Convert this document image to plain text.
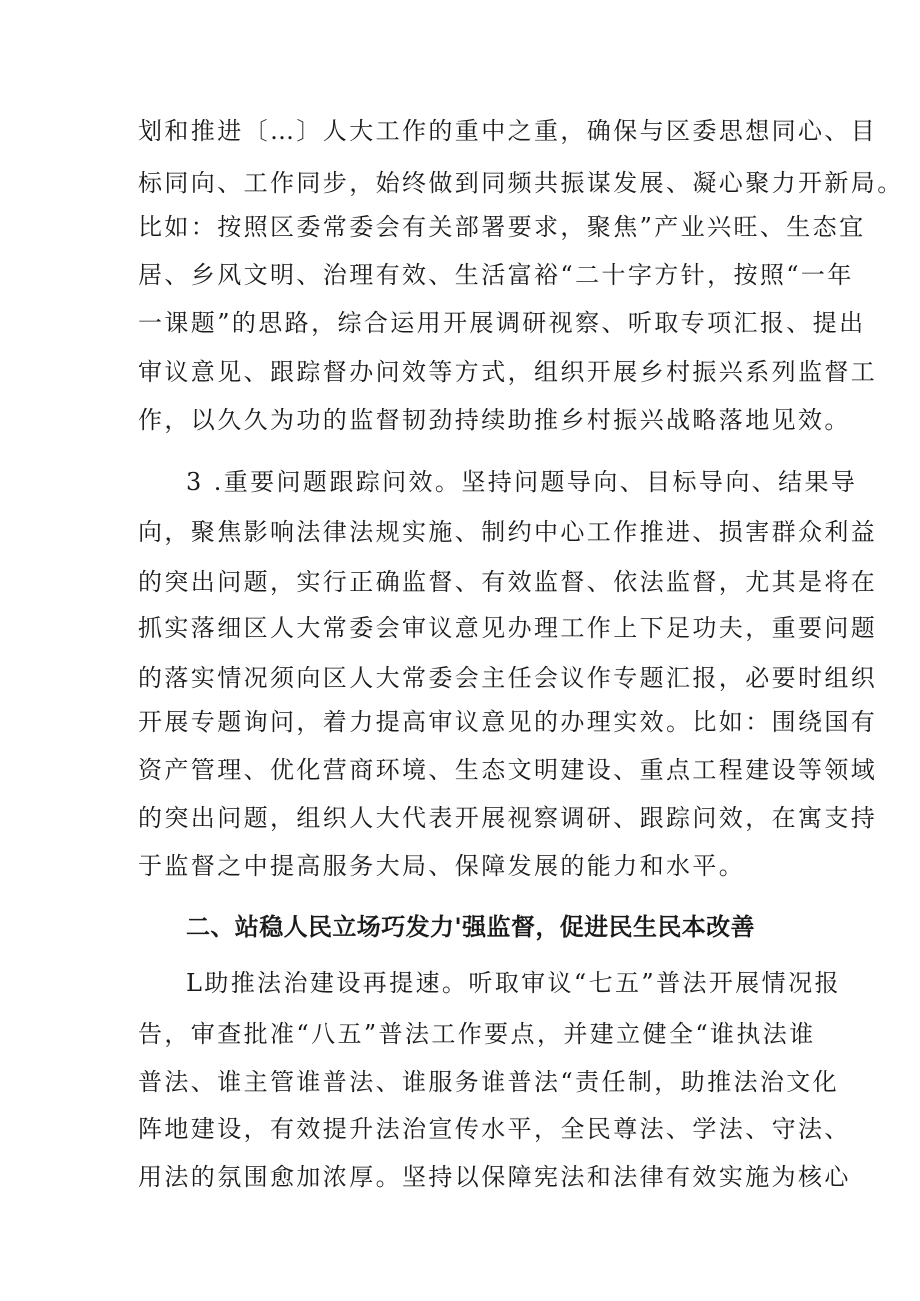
划和推进〔…〕人大工作的重中之重，确保与区委思想同心、目
标同向、工作同步，始终做到同频共振谋发展、凝心聚力开新局。
比如：按照区委常委会有关部署要求，聚焦”产业兴旺、生态宜
居、乡风文明、治理有效、生活富裕“二十字方针，按照“一年
一课题”的思路，综合运用开展调研视察、听取专项汇报、提出
审议意见、跟踪督办问效等方式，组织开展乡村振兴系列监督工
作，以久久为功的监督韧劲持续助推乡村振兴战略落地见效。
3 .重要问题跟踪问效。坚持问题导向、目标导向、结果导
向，聚焦影响法律法规实施、制约中心工作推进、损害群众利益
的突出问题，实行正确监督、有效监督、依法监督，尤其是将在
抓实落细区人大常委会审议意见办理工作上下足功夫，重要问题
的落实情况须向区人大常委会主任会议作专题汇报，必要时组织
开展专题询问，着力提高审议意见的办理实效。比如：围绕国有
资产管理、优化营商环境、生态文明建设、重点工程建设等领域
的突出问题，组织人大代表开展视察调研、跟踪问效，在寓支持
于监督之中提高服务大局、保障发展的能力和水平。
二、站稳人民立场巧发力'强监督，促进民生民本改善
L助推法治建设再提速。听取审议“七五”普法开展情况报
告，审查批准“八五”普法工作要点，并建立健全“谁执法谁
普法、谁主管谁普法、谁服务谁普法“责任制，助推法治文化
阵地建设，有效提升法治宣传水平，全民尊法、学法、守法、
用法的氛围愈加浓厚。坚持以保障宪法和法律有效实施为核心
